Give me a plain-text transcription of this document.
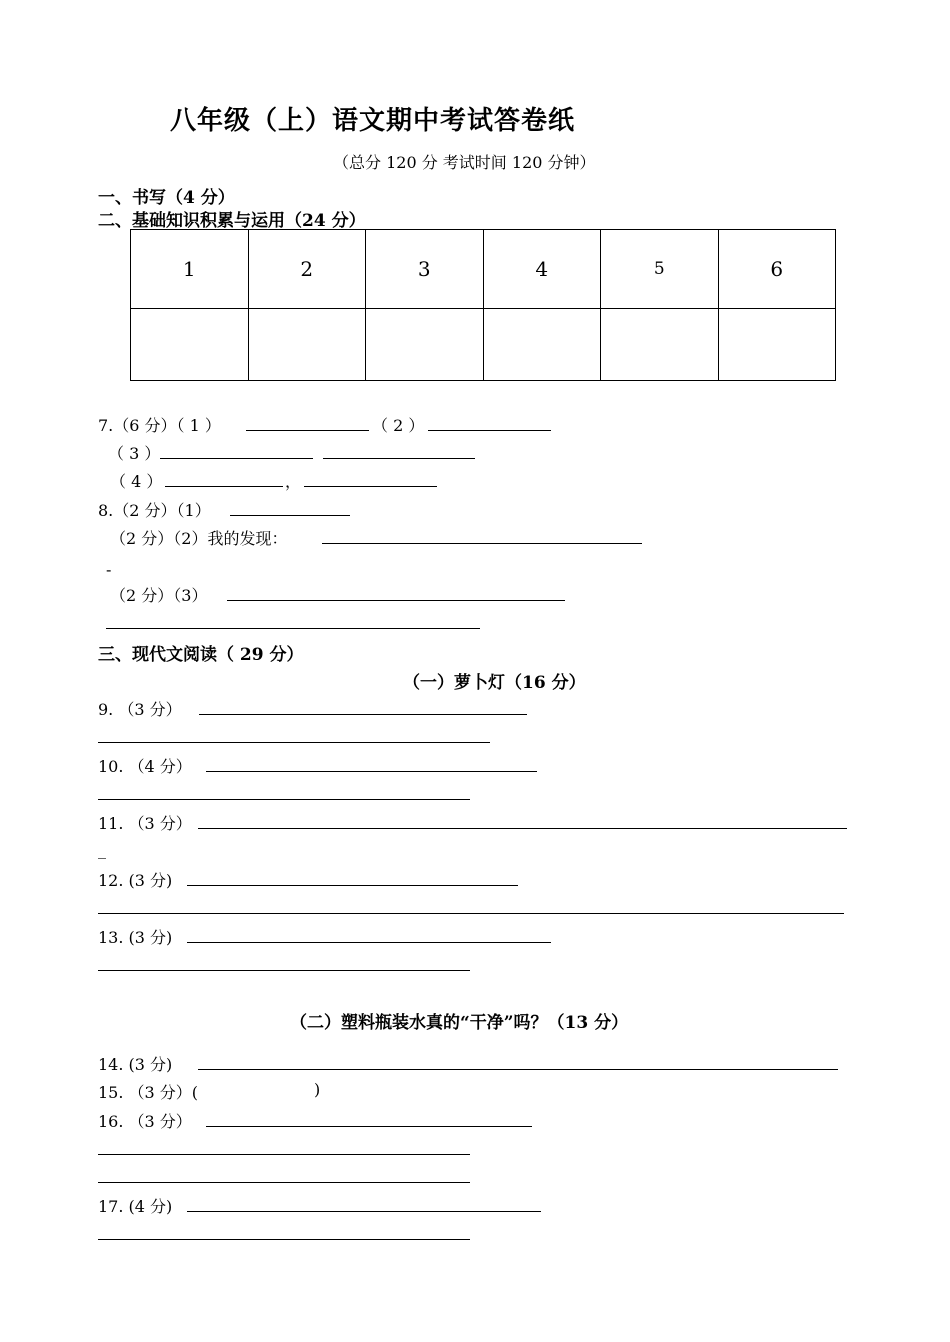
八年级（上）语文期中考试答卷纸
（总分 120 分 考试时间 120 分钟）
一、书写（4 分）
二、基础知识积累与运用（24 分）
1	2	3	4	5	6

7.（6 分）（ 1 ）	（ 2 ）
（ 3 ）
（ 4 ）	，
8.（2 分）（1）
（2 分）（2）我的发现：
-
（2 分）（3）
三、现代文阅读（ 29 分）
（一）萝卜灯（16 分）
9. （3 分）
10. （4 分）
11. （3 分）
_
12. (3 分)
13. (3 分)
（二）塑料瓶装水真的“干净”吗？（13 分）
14. (3 分)
15. （3 分）(	)
16. （3 分）
17. (4 分)
